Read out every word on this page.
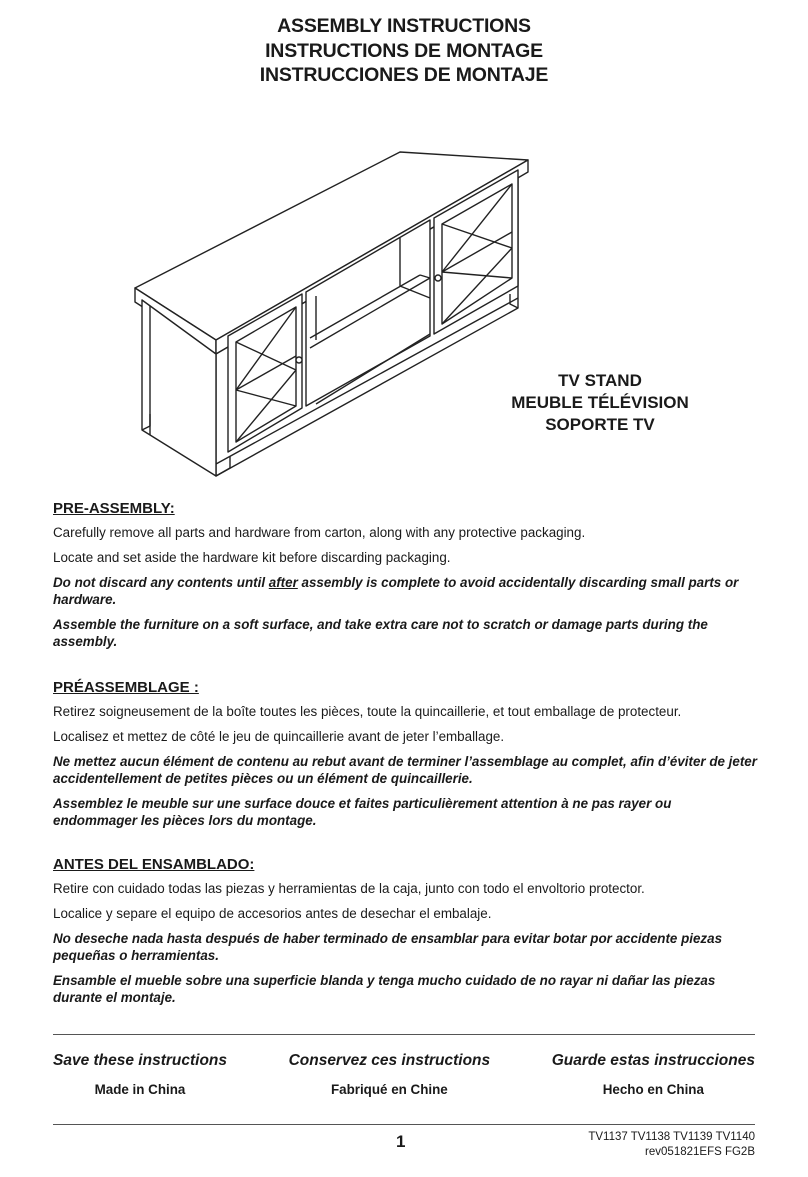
ASSEMBLY INSTRUCTIONS
INSTRUCTIONS DE MONTAGE
INSTRUCCIONES DE MONTAJE
TV STAND
MEUBLE TÉLÉVISION
SOPORTE TV
PRE-ASSEMBLY:

Carefully remove all parts and hardware from carton, along with any protective packaging.

Locate and set aside the hardware kit before discarding packaging.

Do not discard any contents until after assembly is complete to avoid accidentally discarding small parts or hardware.

Assemble the furniture on a soft surface, and take extra care not to scratch or damage parts during the assembly.

PRÉASSEMBLAGE :

Retirez soigneusement de la boîte toutes les pièces, toute la quincaillerie, et tout emballage de protecteur.

Localisez et mettez de côté le jeu de quincaillerie avant de jeter l’emballage.

Ne mettez aucun élément de contenu au rebut avant de terminer l’assemblage au complet, afin d’éviter de jeter accidentellement de petites pièces ou un élément de quincaillerie.

Assemblez le meuble sur une surface douce et faites particulièrement attention à ne pas rayer ou endommager les pièces lors du montage.

ANTES DEL ENSAMBLADO:

Retire con cuidado todas las piezas y herramientas de la caja, junto con todo el envoltorio protector.

Localice y separe el equipo de accesorios antes de desechar el embalaje.

No deseche nada hasta después de haber terminado de ensamblar para evitar botar por accidente piezas pequeñas o herramientas.

Ensamble el mueble sobre una superficie blanda y tenga mucho cuidado de no rayar ni dañar las piezas durante el montaje.

Save these instructions
Made in China
Conservez ces instructions
Fabriqué en Chine
Guarde estas instrucciones
Hecho en China
1	TV1137 TV1138 TV1139 TV1140
rev051821EFS FG2B
